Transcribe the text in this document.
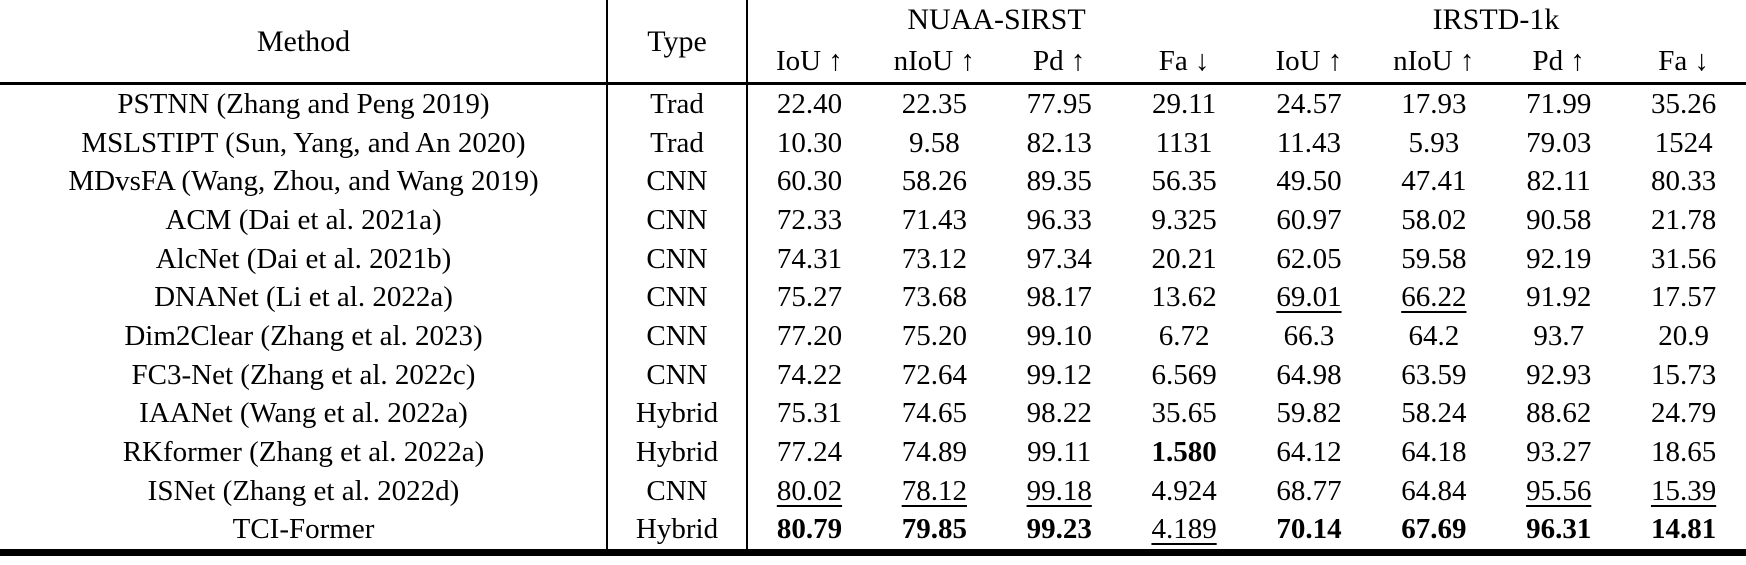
Method	Type
NUAA-SIRST	IRSTD-1k
IoU ↑	nIoU ↑	Pd ↑	Fa ↓	IoU ↑	nIoU ↑	Pd ↑	Fa ↓
PSTNN (Zhang and Peng 2019)	Trad	22.40	22.35	77.95	29.11	24.57	17.93	71.99	35.26
MSLSTIPT (Sun, Yang, and An 2020)	Trad	10.30	9.58	82.13	1131	11.43	5.93	79.03	1524
MDvsFA (Wang, Zhou, and Wang 2019)	CNN	60.30	58.26	89.35	56.35	49.50	47.41	82.11	80.33
ACM (Dai et al. 2021a)	CNN	72.33	71.43	96.33	9.325	60.97	58.02	90.58	21.78
AlcNet (Dai et al. 2021b)	CNN	74.31	73.12	97.34	20.21	62.05	59.58	92.19	31.56
DNANet (Li et al. 2022a)	CNN	75.27	73.68	98.17	13.62	69.01	66.22	91.92	17.57
Dim2Clear (Zhang et al. 2023)	CNN	77.20	75.20	99.10	6.72	66.3	64.2	93.7	20.9
FC3-Net (Zhang et al. 2022c)	CNN	74.22	72.64	99.12	6.569	64.98	63.59	92.93	15.73
IAANet (Wang et al. 2022a)	Hybrid	75.31	74.65	98.22	35.65	59.82	58.24	88.62	24.79
RKformer (Zhang et al. 2022a)	Hybrid	77.24	74.89	99.11	1.580	64.12	64.18	93.27	18.65
ISNet (Zhang et al. 2022d)	CNN	80.02	78.12	99.18	4.924	68.77	64.84	95.56	15.39
TCI-Former	Hybrid	80.79	79.85	99.23	4.189	70.14	67.69	96.31	14.81
